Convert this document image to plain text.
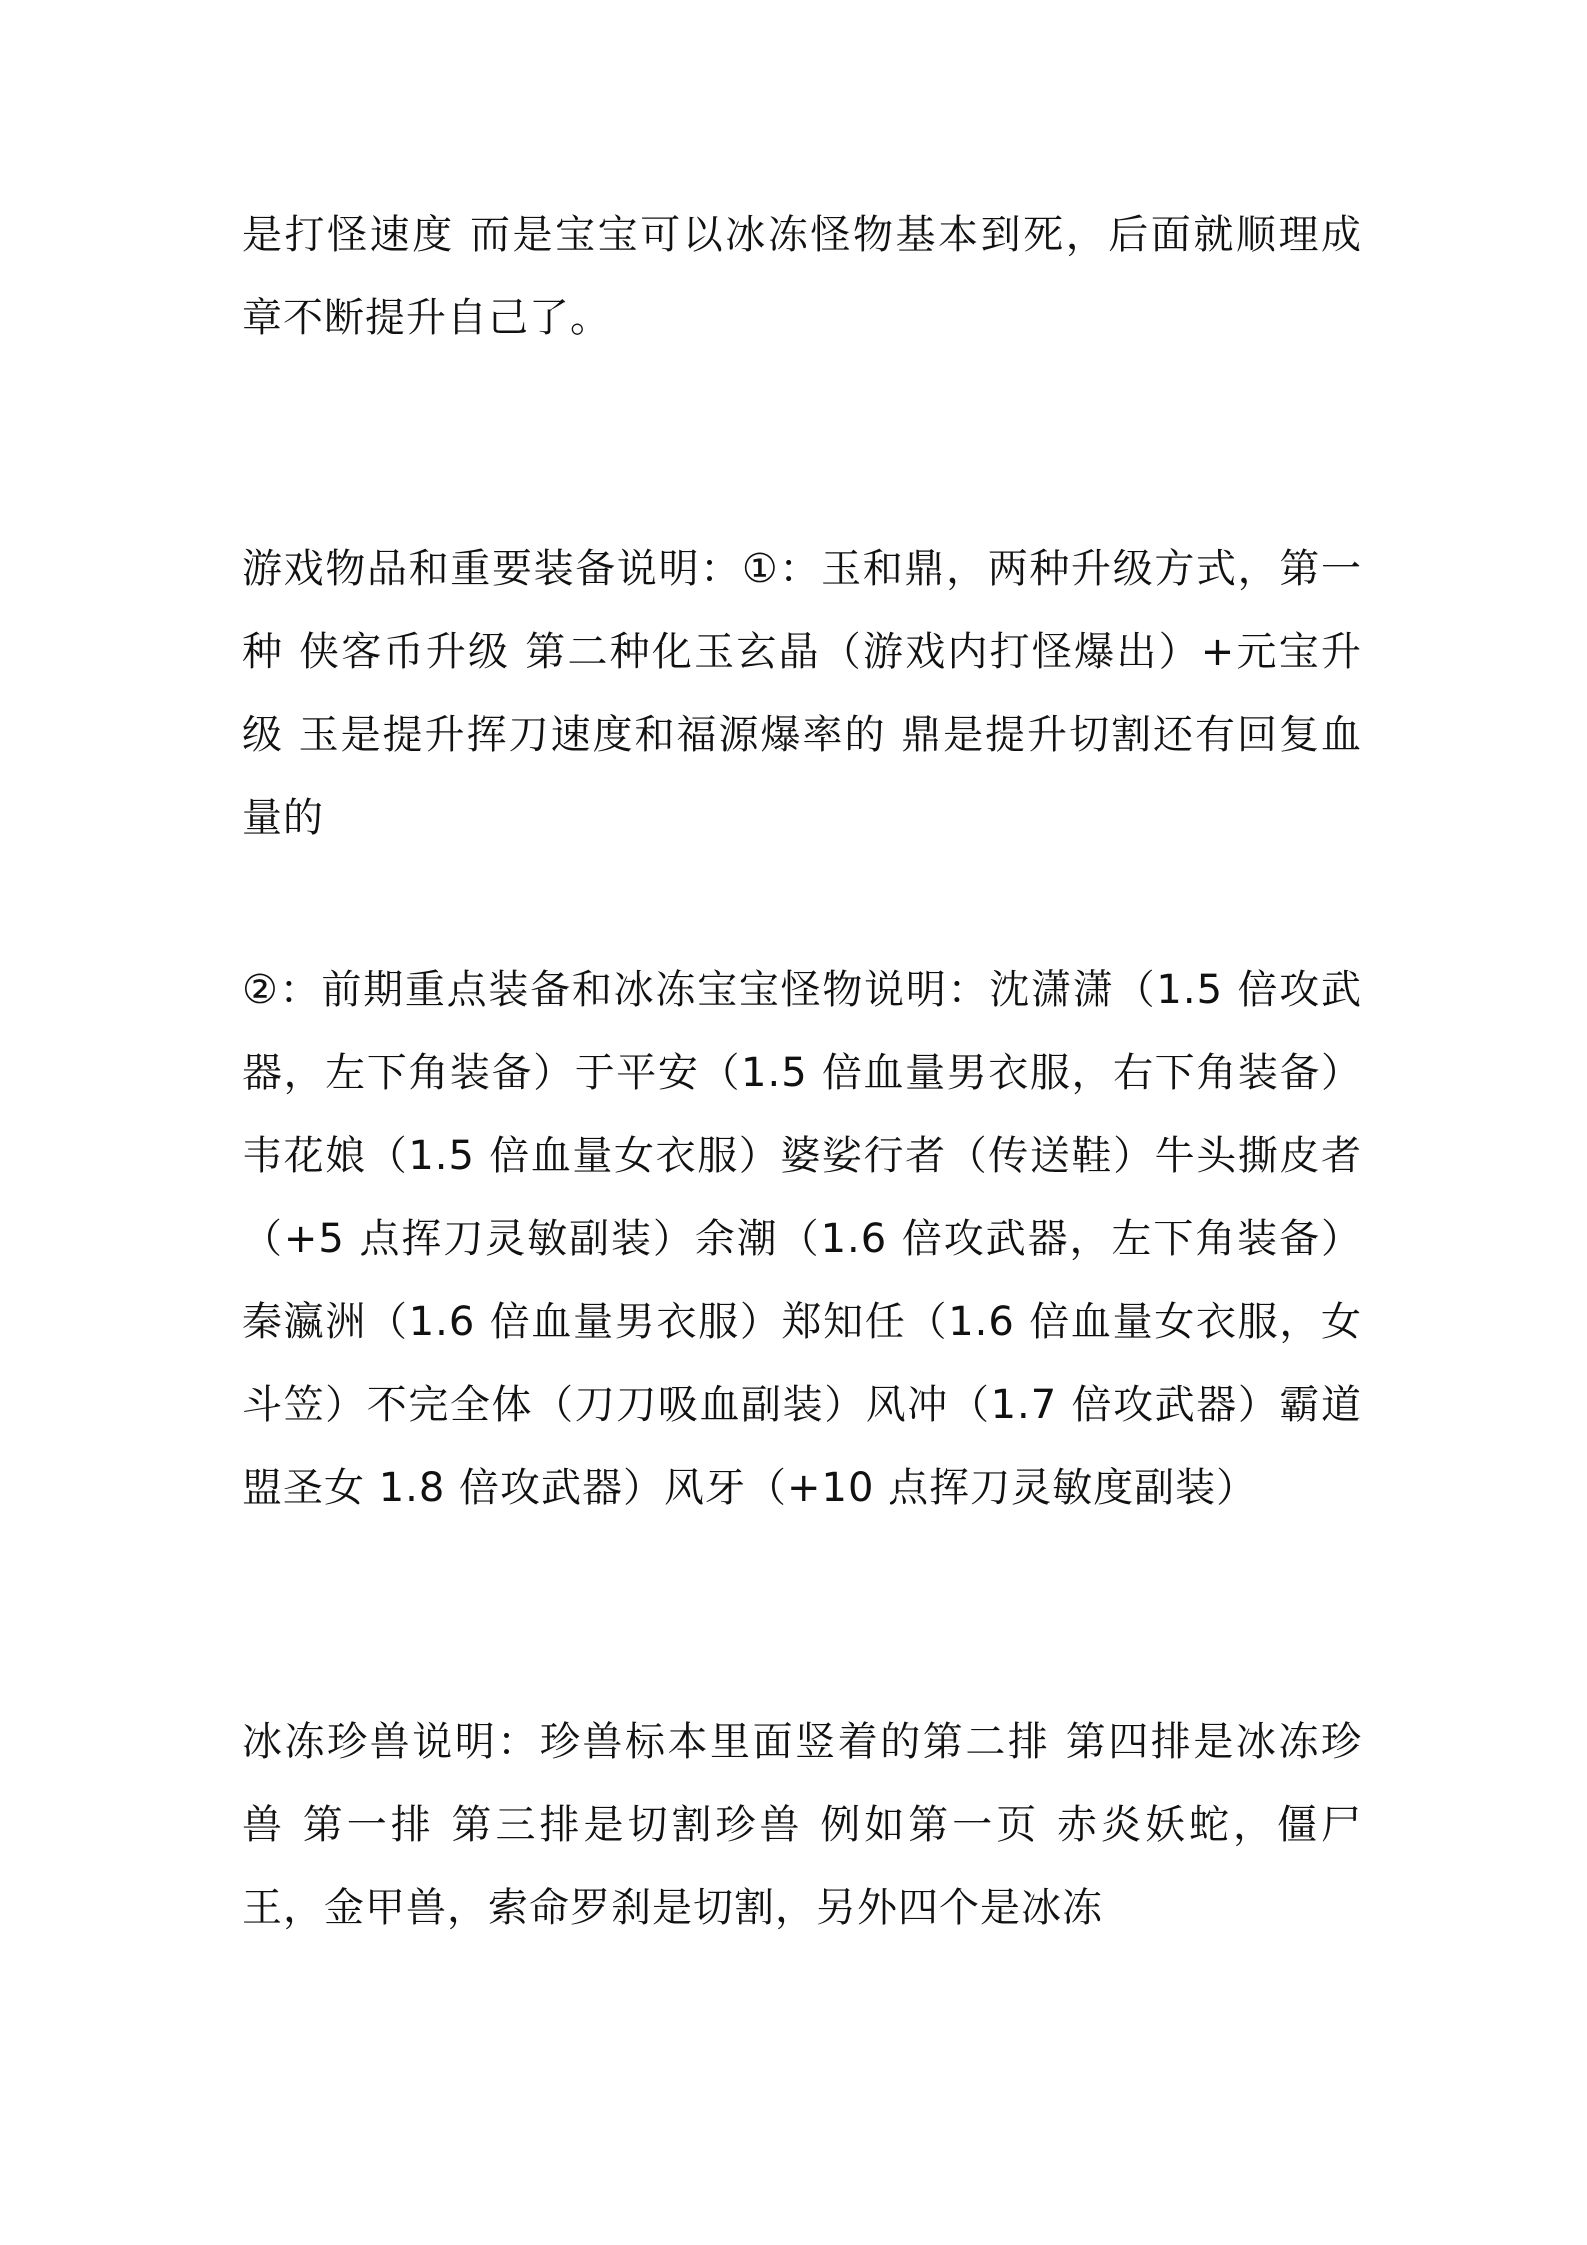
是打怪速度 而是宝宝可以冰冻怪物基本到死，后面就顺理成章不断提升自己了。

游戏物品和重要装备说明：①：玉和鼎，两种升级方式，第一种 侠客币升级 第二种化玉玄晶（游戏内打怪爆出）+元宝升级 玉是提升挥刀速度和福源爆率的 鼎是提升切割还有回复血量的

②：前期重点装备和冰冻宝宝怪物说明：沈潇潇（1.5 倍攻武器，左下角装备）于平安（1.5 倍血量男衣服，右下角装备）韦花娘（1.5 倍血量女衣服）婆娑行者（传送鞋）牛头撕皮者（+5 点挥刀灵敏副装）余潮（1.6 倍攻武器，左下角装备）秦瀛洲（1.6 倍血量男衣服）郑知任（1.6 倍血量女衣服，女斗笠）不完全体（刀刀吸血副装）风冲（1.7 倍攻武器）霸道盟圣女 1.8 倍攻武器）风牙（+10 点挥刀灵敏度副装）

冰冻珍兽说明：珍兽标本里面竖着的第二排 第四排是冰冻珍兽 第一排 第三排是切割珍兽 例如第一页 赤炎妖蛇，僵尸王，金甲兽，索命罗刹是切割，另外四个是冰冻
